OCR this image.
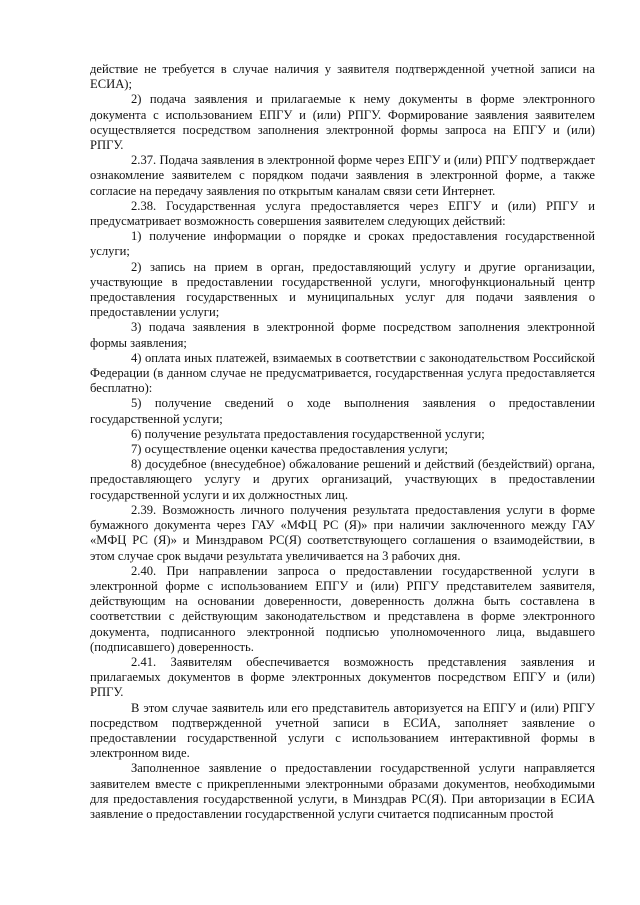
действие не требуется в случае наличия у заявителя подтвержденной учетной записи на ЕСИА);

2) подача заявления и прилагаемые к нему документы в форме электронного документа с использованием ЕПГУ и (или) РПГУ. Формирование заявления заявителем осуществляется посредством заполнения электронной формы запроса на ЕПГУ и (или) РПГУ.

2.37. Подача заявления в электронной форме через ЕПГУ и (или) РПГУ подтверждает ознакомление заявителем с порядком подачи заявления в электронной форме, а также согласие на передачу заявления по открытым каналам связи сети Интернет.

2.38. Государственная услуга предоставляется через ЕПГУ и (или) РПГУ и предусматривает возможность совершения заявителем следующих действий:

1) получение информации о порядке и сроках предоставления государственной услуги;

2) запись на прием в орган, предоставляющий услугу и другие организации, участвующие в предоставлении государственной услуги, многофункциональный центр предоставления государственных и муниципальных услуг для подачи заявления о предоставлении услуги;

3) подача заявления в электронной форме посредством заполнения электронной формы заявления;

4) оплата иных платежей, взимаемых в соответствии с законодательством Российской Федерации (в данном случае не предусматривается, государственная услуга предоставляется бесплатно):

5) получение сведений о ходе выполнения заявления о предоставлении государственной услуги;

6) получение результата предоставления государственной услуги;

7) осуществление оценки качества предоставления услуги;

8) досудебное (внесудебное) обжалование решений и действий (бездействий) органа, предоставляющего услугу и других организаций, участвующих в предоставлении государственной услуги и их должностных лиц.

2.39. Возможность личного получения результата предоставления услуги в форме бумажного документа через ГАУ «МФЦ РС (Я)» при наличии заключенного между ГАУ «МФЦ РС (Я)» и Минздравом РС(Я) соответствующего соглашения о взаимодействии, в этом случае срок выдачи результата увеличивается на 3 рабочих дня.

2.40. При направлении запроса о предоставлении государственной услуги в электронной форме с использованием ЕПГУ и (или) РПГУ представителем заявителя, действующим на основании доверенности, доверенность должна быть составлена в соответствии с действующим законодательством и представлена в форме электронного документа, подписанного электронной подписью уполномоченного лица, выдавшего (подписавшего) доверенность.

2.41. Заявителям обеспечивается возможность представления заявления и прилагаемых документов в форме электронных документов посредством ЕПГУ и (или) РПГУ.

В этом случае заявитель или его представитель авторизуется на ЕПГУ и (или) РПГУ посредством подтвержденной учетной записи в ЕСИА, заполняет заявление о предоставлении государственной услуги с использованием интерактивной формы в электронном виде.

Заполненное заявление о предоставлении государственной услуги направляется заявителем вместе с прикрепленными электронными образами документов, необходимыми для предоставления государственной услуги, в Минздрав РС(Я). При авторизации в ЕСИА заявление о предоставлении государственной услуги считается подписанным простой
